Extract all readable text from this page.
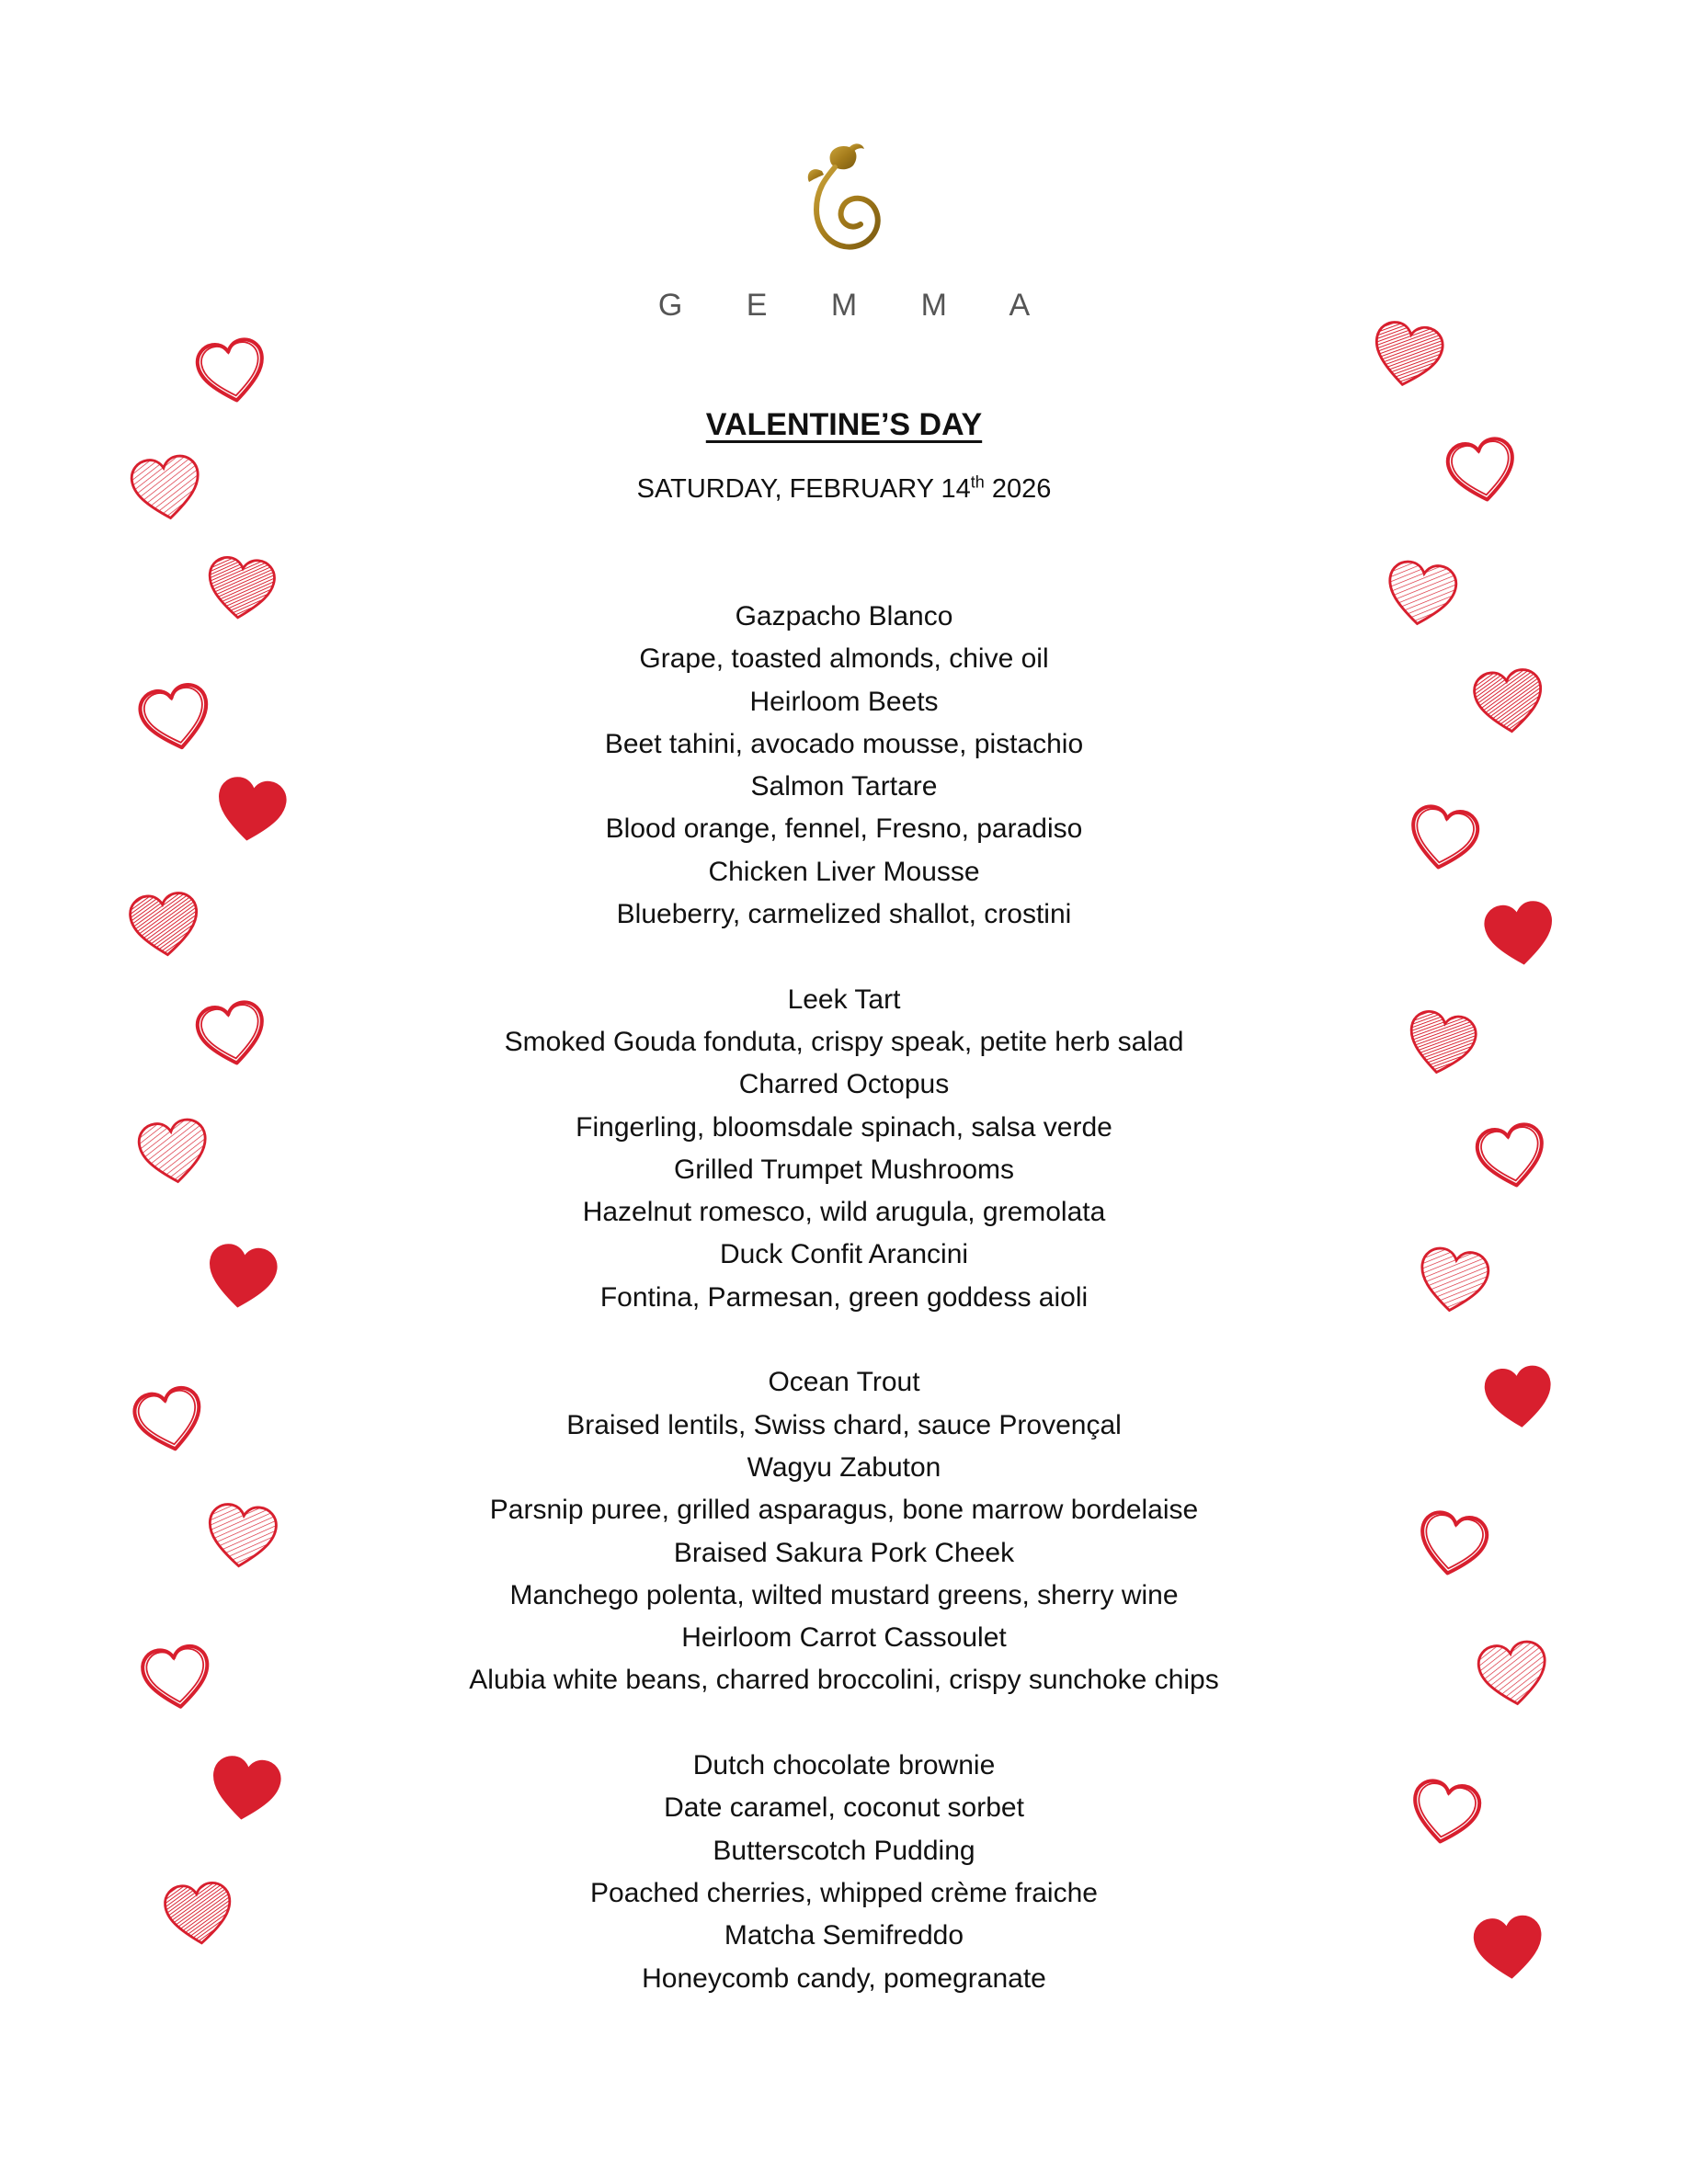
G E M M A
VALENTINE’S DAY
SATURDAY, FEBRUARY 14th 2026
Gazpacho Blanco
Grape, toasted almonds, chive oil
Heirloom Beets
Beet tahini, avocado mousse, pistachio
Salmon Tartare
Blood orange, fennel, Fresno, paradiso
Chicken Liver Mousse
Blueberry, carmelized shallot, crostini
Leek Tart
Smoked Gouda fonduta, crispy speak, petite herb salad
Charred Octopus
Fingerling, bloomsdale spinach, salsa verde
Grilled Trumpet Mushrooms
Hazelnut romesco, wild arugula, gremolata
Duck Confit Arancini
Fontina, Parmesan, green goddess aioli
Ocean Trout
Braised lentils, Swiss chard, sauce Provençal
Wagyu Zabuton
Parsnip puree, grilled asparagus, bone marrow bordelaise
Braised Sakura Pork Cheek
Manchego polenta, wilted mustard greens, sherry wine
Heirloom Carrot Cassoulet
Alubia white beans, charred broccolini, crispy sunchoke chips
Dutch chocolate brownie
Date caramel, coconut sorbet
Butterscotch Pudding
Poached cherries, whipped crème fraiche
Matcha Semifreddo
Honeycomb candy, pomegranate
